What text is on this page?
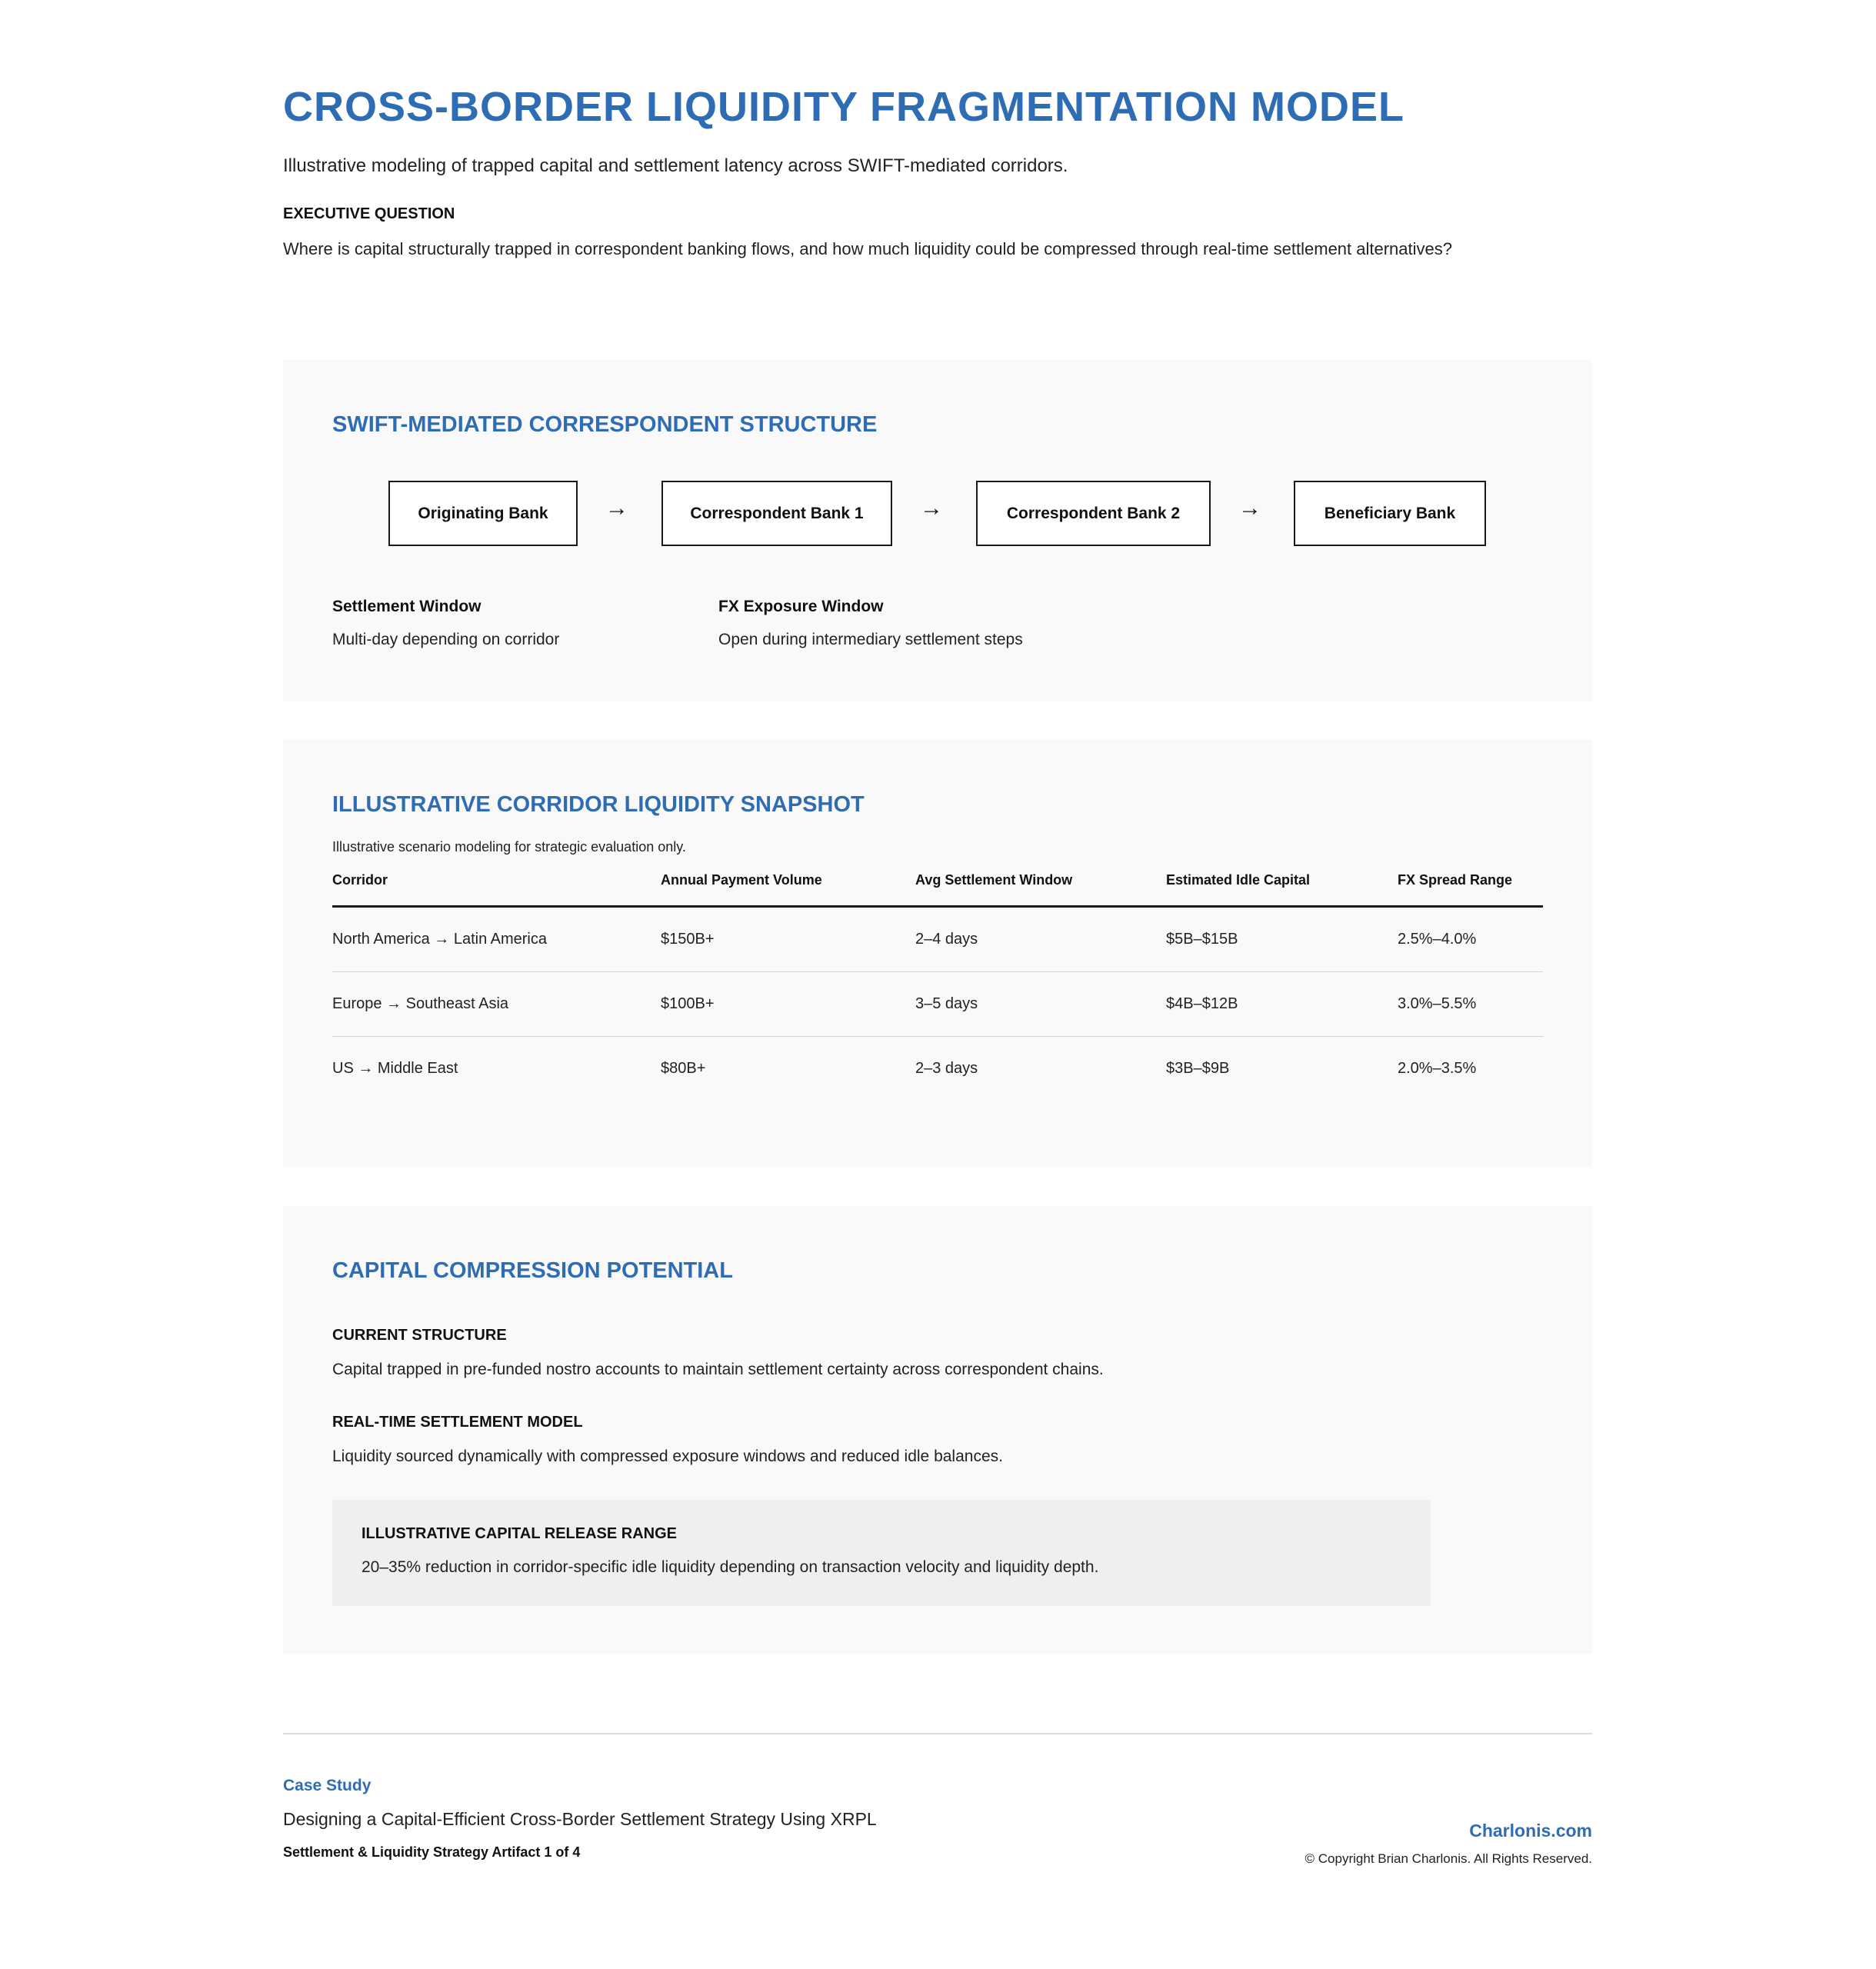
CROSS-BORDER LIQUIDITY FRAGMENTATION MODEL

Illustrative modeling of trapped capital and settlement latency across SWIFT-mediated corridors.

EXECUTIVE QUESTION

Where is capital structurally trapped in correspondent banking flows, and how much liquidity could be compressed through real-time settlement alternatives?

SWIFT-MEDIATED CORRESPONDENT STRUCTURE
Originating Bank	→	Correspondent Bank 1	→	Correspondent Bank 2	→	Beneficiary Bank
Settlement Window
Multi-day depending on corridor
FX Exposure Window
Open during intermediary settlement steps
ILLUSTRATIVE CORRIDOR LIQUIDITY SNAPSHOT

Illustrative scenario modeling for strategic evaluation only.

Corridor	Annual Payment Volume	Avg Settlement Window	Estimated Idle Capital	FX Spread Range
North America → Latin America	$150B+	2–4 days	$5B–$15B	2.5%–4.0%
Europe → Southeast Asia	$100B+	3–5 days	$4B–$12B	3.0%–5.5%
US → Middle East	$80B+	2–3 days	$3B–$9B	2.0%–3.5%
CAPITAL COMPRESSION POTENTIAL
CURRENT STRUCTURE

Capital trapped in pre-funded nostro accounts to maintain settlement certainty across correspondent chains.

REAL-TIME SETTLEMENT MODEL

Liquidity sourced dynamically with compressed exposure windows and reduced idle balances.

ILLUSTRATIVE CAPITAL RELEASE RANGE

20–35% reduction in corridor-specific idle liquidity depending on transaction velocity and liquidity depth.

Case Study
Designing a Capital-Efficient Cross-Border Settlement Strategy Using XRPL
Settlement & Liquidity Strategy Artifact 1 of 4
Charlonis.com
© Copyright Brian Charlonis. All Rights Reserved.
